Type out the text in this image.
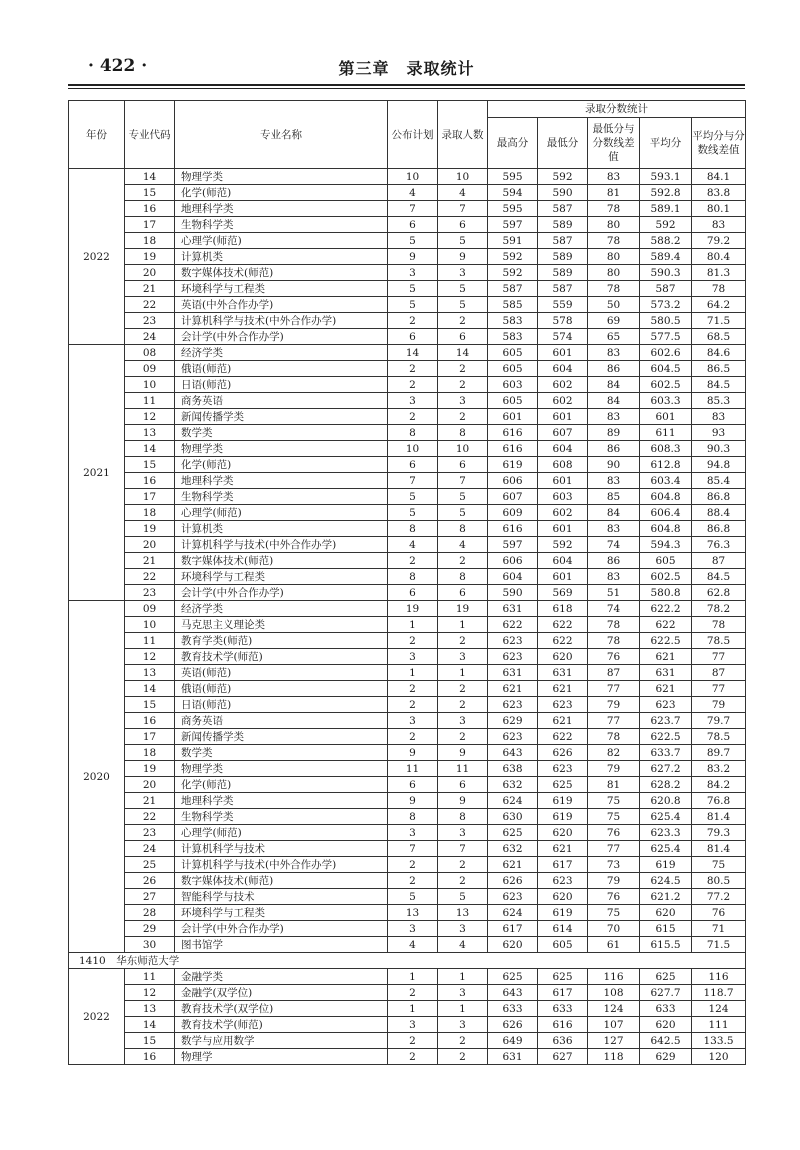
· 422 ·	第三章　录取统计
年份	专业代码	专业名称	公布计划	录取人数	录取分数统计				
					最高分	最低分	最低分与分数线差值	平均分	平均分与分数线差值
2022	14	物理学类	10	10	595	592	83	593.1	84.1
	15	化学(师范)	4	4	594	590	81	592.8	83.8
	16	地理科学类	7	7	595	587	78	589.1	80.1
	17	生物科学类	6	6	597	589	80	592	83
	18	心理学(师范)	5	5	591	587	78	588.2	79.2
	19	计算机类	9	9	592	589	80	589.4	80.4
	20	数字媒体技术(师范)	3	3	592	589	80	590.3	81.3
	21	环境科学与工程类	5	5	587	587	78	587	78
	22	英语(中外合作办学)	5	5	585	559	50	573.2	64.2
	23	计算机科学与技术(中外合作办学)	2	2	583	578	69	580.5	71.5
	24	会计学(中外合作办学)	6	6	583	574	65	577.5	68.5
2021	08	经济学类	14	14	605	601	83	602.6	84.6
	09	俄语(师范)	2	2	605	604	86	604.5	86.5
	10	日语(师范)	2	2	603	602	84	602.5	84.5
	11	商务英语	3	3	605	602	84	603.3	85.3
	12	新闻传播学类	2	2	601	601	83	601	83
	13	数学类	8	8	616	607	89	611	93
	14	物理学类	10	10	616	604	86	608.3	90.3
	15	化学(师范)	6	6	619	608	90	612.8	94.8
	16	地理科学类	7	7	606	601	83	603.4	85.4
	17	生物科学类	5	5	607	603	85	604.8	86.8
	18	心理学(师范)	5	5	609	602	84	606.4	88.4
	19	计算机类	8	8	616	601	83	604.8	86.8
	20	计算机科学与技术(中外合作办学)	4	4	597	592	74	594.3	76.3
	21	数字媒体技术(师范)	2	2	606	604	86	605	87
	22	环境科学与工程类	8	8	604	601	83	602.5	84.5
	23	会计学(中外合作办学)	6	6	590	569	51	580.8	62.8
2020	09	经济学类	19	19	631	618	74	622.2	78.2
	10	马克思主义理论类	1	1	622	622	78	622	78
	11	教育学类(师范)	2	2	623	622	78	622.5	78.5
	12	教育技术学(师范)	3	3	623	620	76	621	77
	13	英语(师范)	1	1	631	631	87	631	87
	14	俄语(师范)	2	2	621	621	77	621	77
	15	日语(师范)	2	2	623	623	79	623	79
	16	商务英语	3	3	629	621	77	623.7	79.7
	17	新闻传播学类	2	2	623	622	78	622.5	78.5
	18	数学类	9	9	643	626	82	633.7	89.7
	19	物理学类	11	11	638	623	79	627.2	83.2
	20	化学(师范)	6	6	632	625	81	628.2	84.2
	21	地理科学类	9	9	624	619	75	620.8	76.8
	22	生物科学类	8	8	630	619	75	625.4	81.4
	23	心理学(师范)	3	3	625	620	76	623.3	79.3
	24	计算机科学与技术	7	7	632	621	77	625.4	81.4
	25	计算机科学与技术(中外合作办学)	2	2	621	617	73	619	75
	26	数字媒体技术(师范)	2	2	626	623	79	624.5	80.5
	27	智能科学与技术	5	5	623	620	76	621.2	77.2
	28	环境科学与工程类	13	13	624	619	75	620	76
	29	会计学(中外合作办学)	3	3	617	614	70	615	71
	30	图书馆学	4	4	620	605	61	615.5	71.5
1410　华东师范大学									
2022	11	金融学类	1	1	625	625	116	625	116
	12	金融学(双学位)	2	3	643	617	108	627.7	118.7
	13	教育技术学(双学位)	1	1	633	633	124	633	124
	14	教育技术学(师范)	3	3	626	616	107	620	111
	15	数学与应用数学	2	2	649	636	127	642.5	133.5
	16	物理学	2	2	631	627	118	629	120
